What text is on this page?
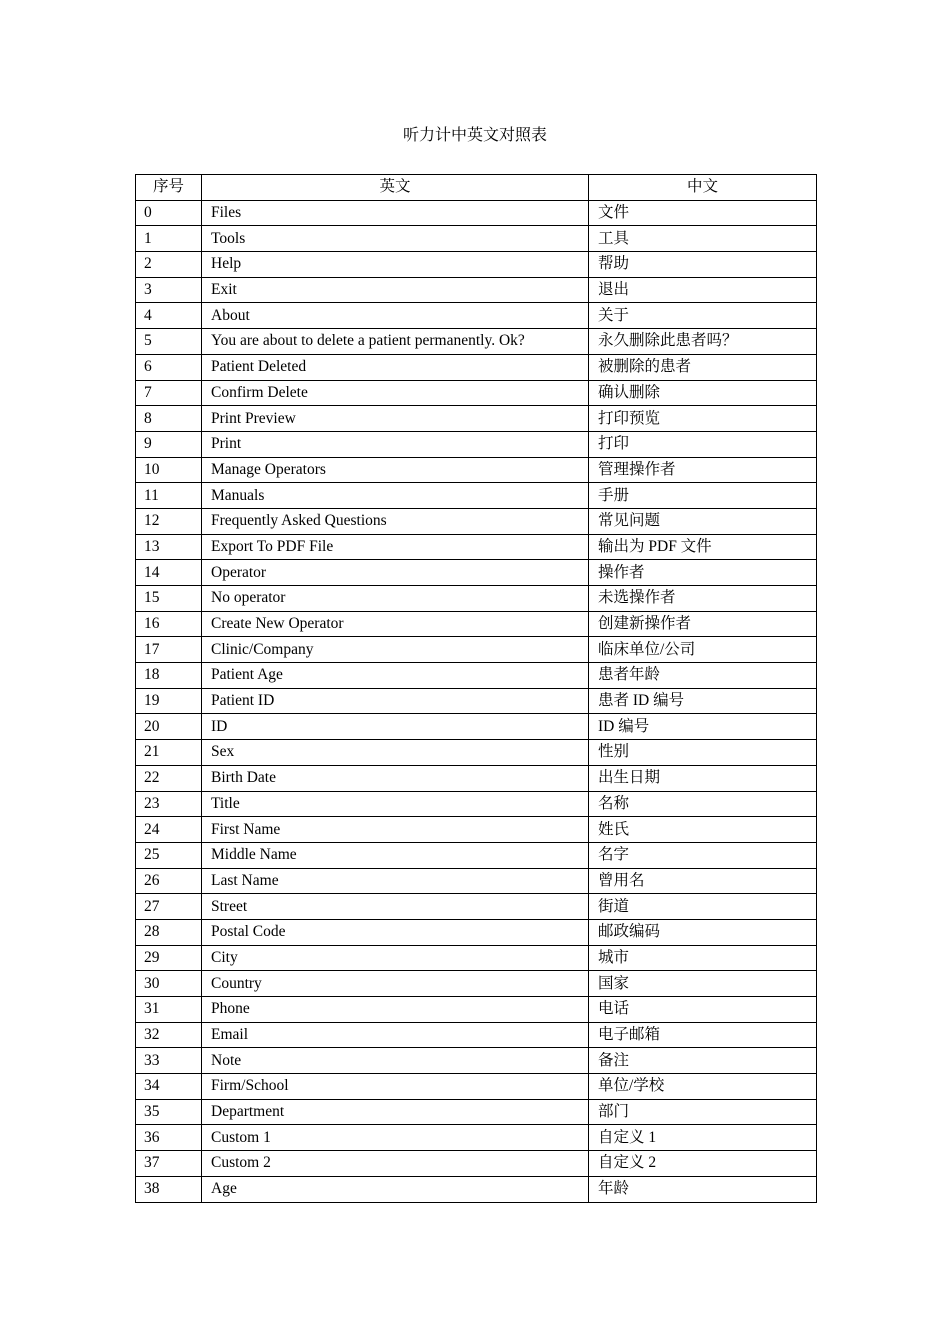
听力计中英文对照表
序号	英文	中文
0	Files	文件
1	Tools	工具
2	Help	帮助
3	Exit	退出
4	About	关于
5	You are about to delete a patient permanently. Ok?	永久删除此患者吗？
6	Patient Deleted	被删除的患者
7	Confirm Delete	确认删除
8	Print Preview	打印预览
9	Print	打印
10	Manage Operators	管理操作者
11	Manuals	手册
12	Frequently Asked Questions	常见问题
13	Export To PDF File	输出为 PDF 文件
14	Operator	操作者
15	No operator	未选操作者
16	Create New Operator	创建新操作者
17	Clinic/Company	临床单位/公司
18	Patient Age	患者年龄
19	Patient ID	患者 ID 编号
20	ID	ID 编号
21	Sex	性别
22	Birth Date	出生日期
23	Title	名称
24	First Name	姓氏
25	Middle Name	名字
26	Last Name	曾用名
27	Street	街道
28	Postal Code	邮政编码
29	City	城市
30	Country	国家
31	Phone	电话
32	Email	电子邮箱
33	Note	备注
34	Firm/School	单位/学校
35	Department	部门
36	Custom 1	自定义 1
37	Custom 2	自定义 2
38	Age	年龄
